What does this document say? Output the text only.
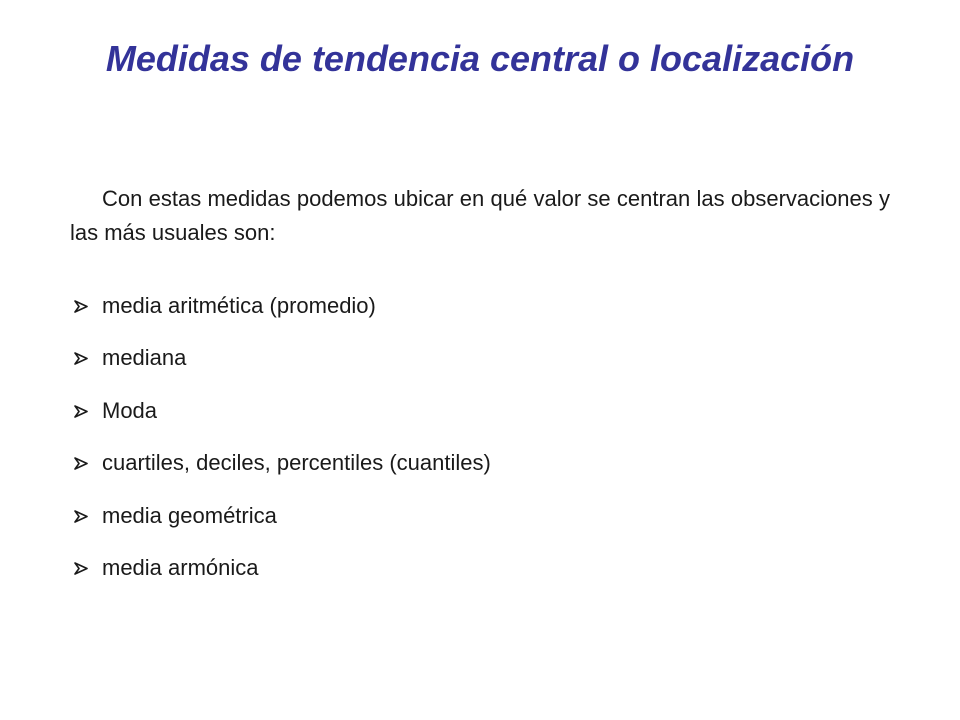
Medidas de tendencia central o localización

Con estas medidas podemos ubicar en qué valor se centran las observaciones y las más usuales son:

media aritmética (promedio)
mediana
Moda
cuartiles, deciles, percentiles (cuantiles)
media geométrica
media armónica
